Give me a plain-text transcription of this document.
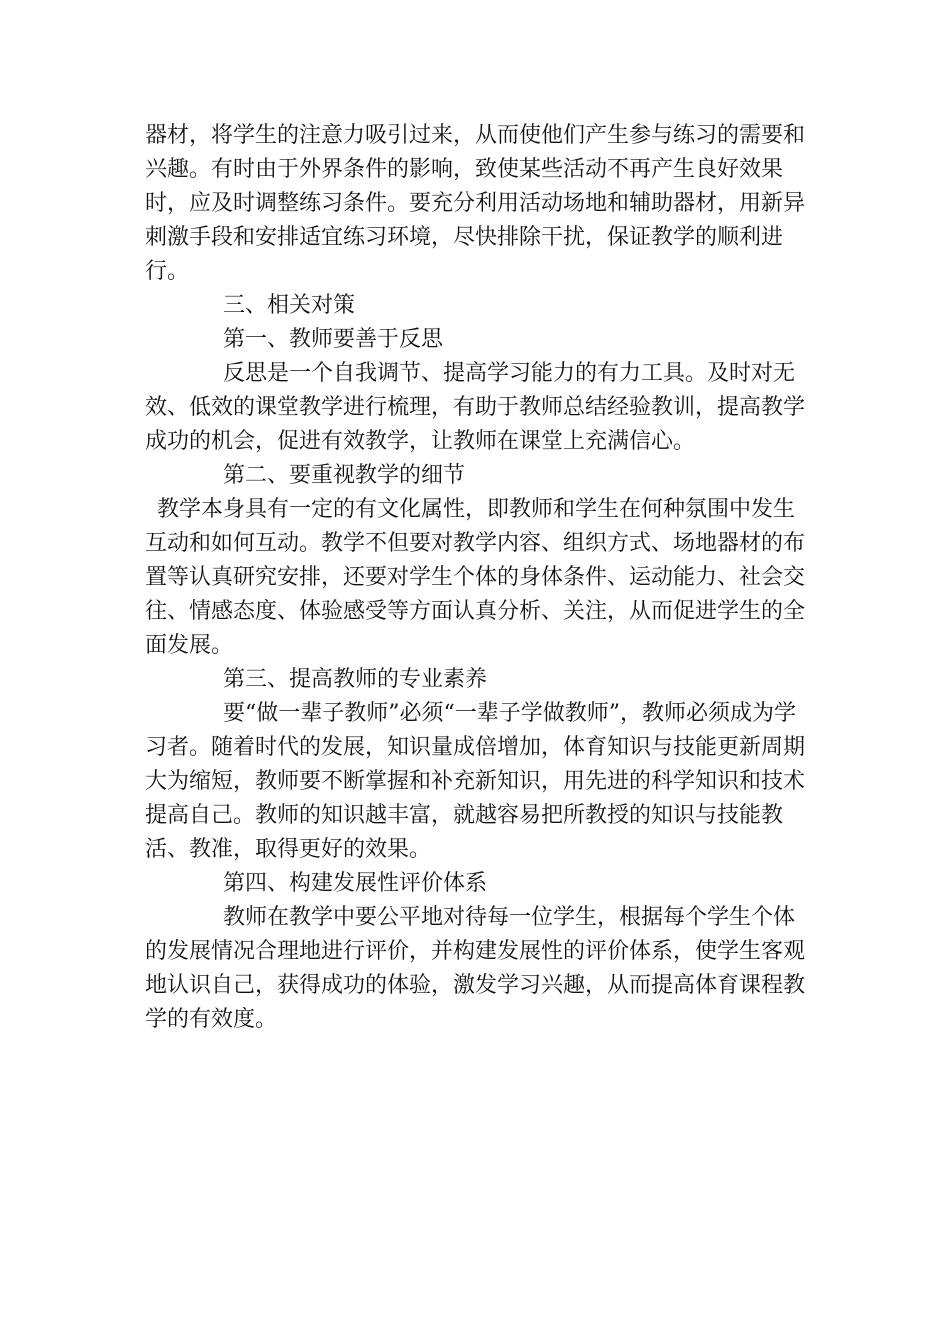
器材，将学生的注意力吸引过来，从而使他们产生参与练习的需要和兴趣。有时由于外界条件的影响，致使某些活动不再产生良好效果时，应及时调整练习条件。要充分利用活动场地和辅助器材，用新异刺激手段和安排适宜练习环境，尽快排除干扰，保证教学的顺利进行。

三、相关对策

第一、教师要善于反思

反思是一个自我调节、提高学习能力的有力工具。及时对无效、低效的课堂教学进行梳理，有助于教师总结经验教训，提高教学成功的机会，促进有效教学，让教师在课堂上充满信心。

第二、要重视教学的细节

教学本身具有一定的有文化属性，即教师和学生在何种氛围中发生互动和如何互动。教学不但要对教学内容、组织方式、场地器材的布置等认真研究安排，还要对学生个体的身体条件、运动能力、社会交往、情感态度、体验感受等方面认真分析、关注，从而促进学生的全面发展。

第三、提高教师的专业素养

要“做一辈子教师”必须“一辈子学做教师”，教师必须成为学习者。随着时代的发展，知识量成倍增加，体育知识与技能更新周期大为缩短，教师要不断掌握和补充新知识，用先进的科学知识和技术提高自己。教师的知识越丰富，就越容易把所教授的知识与技能教活、教准，取得更好的效果。

第四、构建发展性评价体系

教师在教学中要公平地对待每一位学生，根据每个学生个体的发展情况合理地进行评价，并构建发展性的评价体系，使学生客观地认识自己，获得成功的体验，激发学习兴趣，从而提高体育课程教学的有效度。
